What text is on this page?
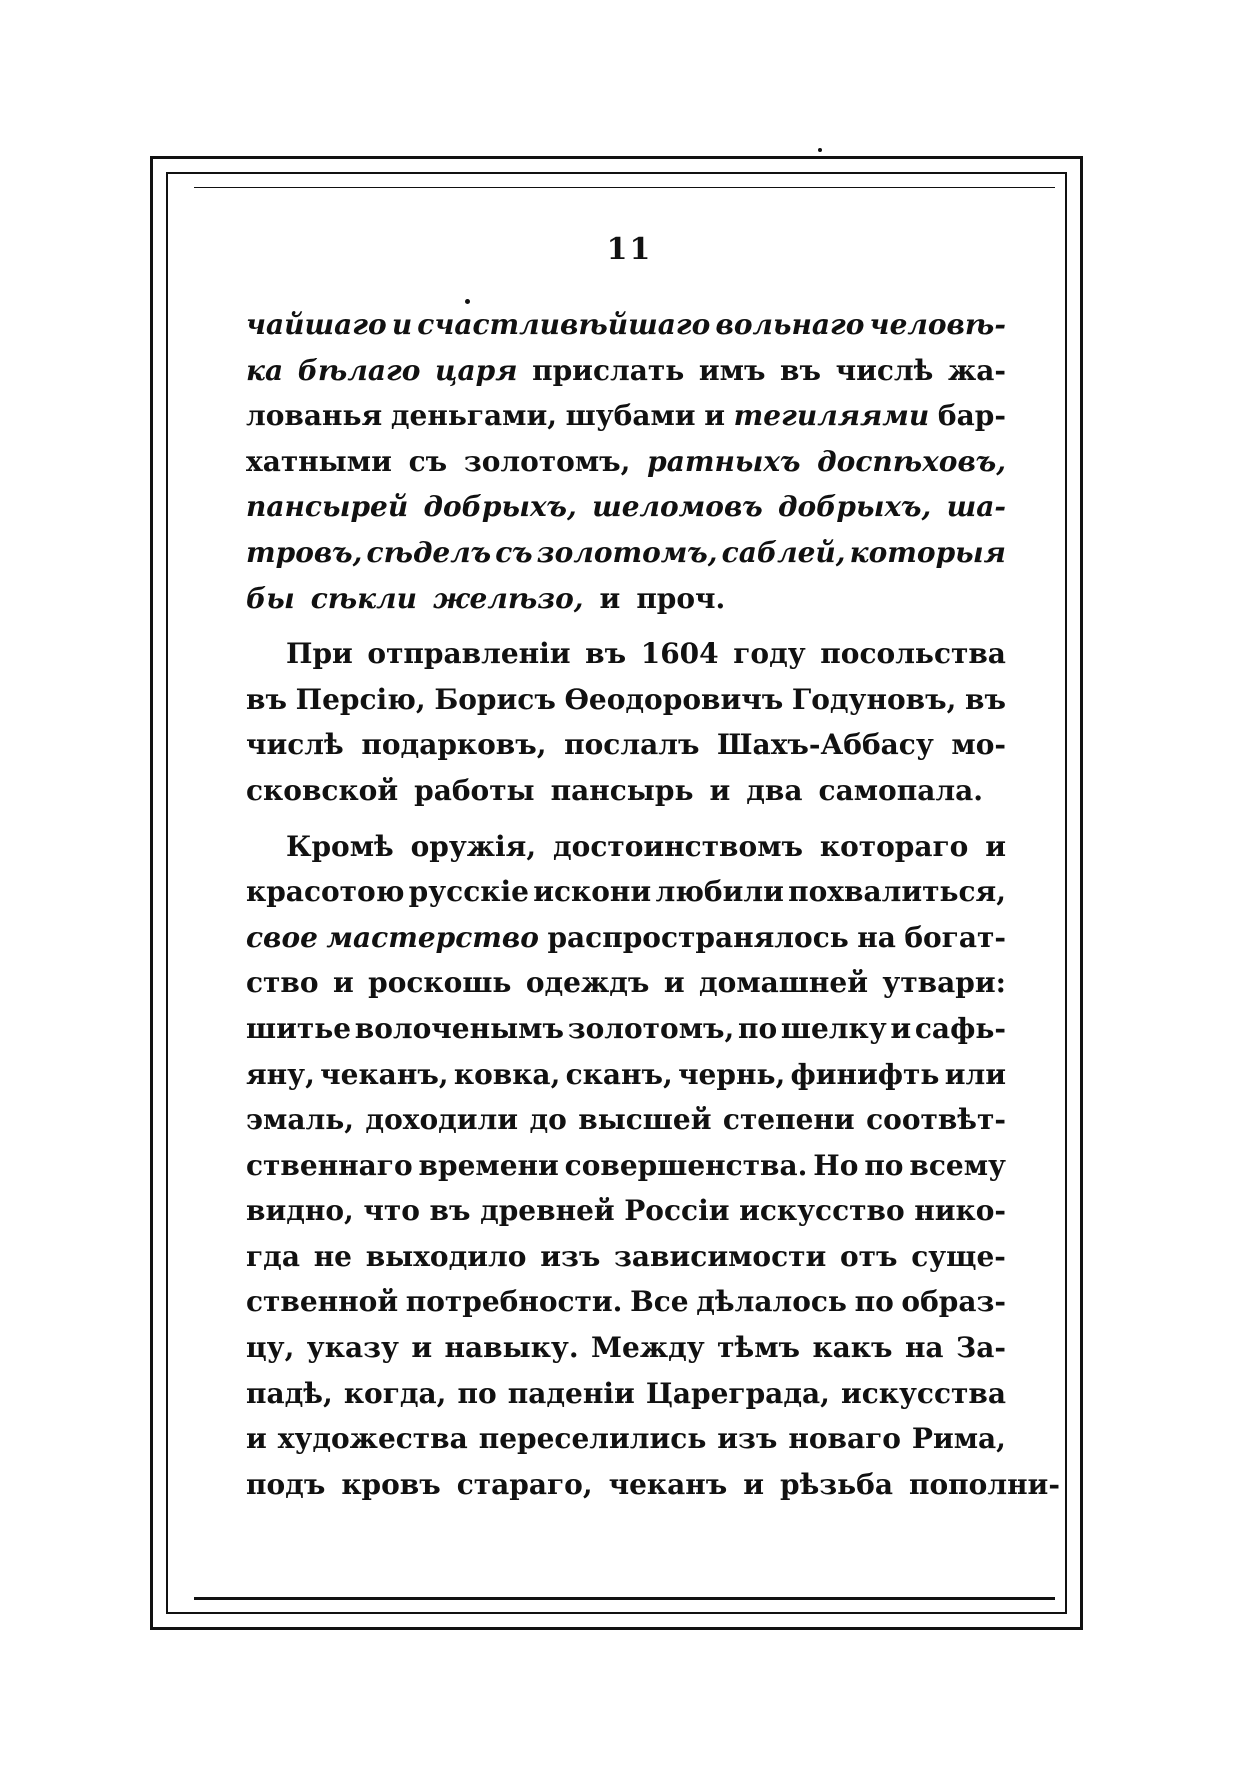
11
чайшаго и счастливѣйшаго вольнаго человѣ-
ка бѣлаго царя прислать имъ въ числѣ жа-
лованья деньгами, шубами и тегиляями бар-
хатными съ золотомъ, ратныхъ доспѣховъ,
пансырей добрыхъ, шеломовъ добрыхъ, ша-
тровъ, сѣделъ съ золотомъ, саблей, которыя
бы сѣкли желѣзо, и проч.
При отправленіи въ 1604 году посольства
въ Персію, Борисъ Ѳеодоровичъ Годуновъ, въ
числѣ подарковъ, послалъ Шахъ-Аббасу мо-
сковской работы пансырь и два самопала.
Кромѣ оружія, достоинствомъ котораго и
красотою русскіе искони любили похвалиться,
свое мастерство распространялось на богат-
ство и роскошь одеждъ и домашней утвари:
шитье волоченымъ золотомъ, по шелку и сафь-
яну, чеканъ, ковка, сканъ, чернь, финифть или
эмаль, доходили до высшей степени соотвѣт-
ственнаго времени совершенства. Но по всему
видно, что въ древней Россіи искусство нико-
гда не выходило изъ зависимости отъ суще-
ственной потребности. Все дѣлалось по образ-
цу, указу и навыку. Между тѣмъ какъ на За-
падѣ, когда, по паденіи Цареграда, искусства
и художества переселились изъ новаго Рима,
подъ кровъ стараго, чеканъ и рѣзьба пополни-
